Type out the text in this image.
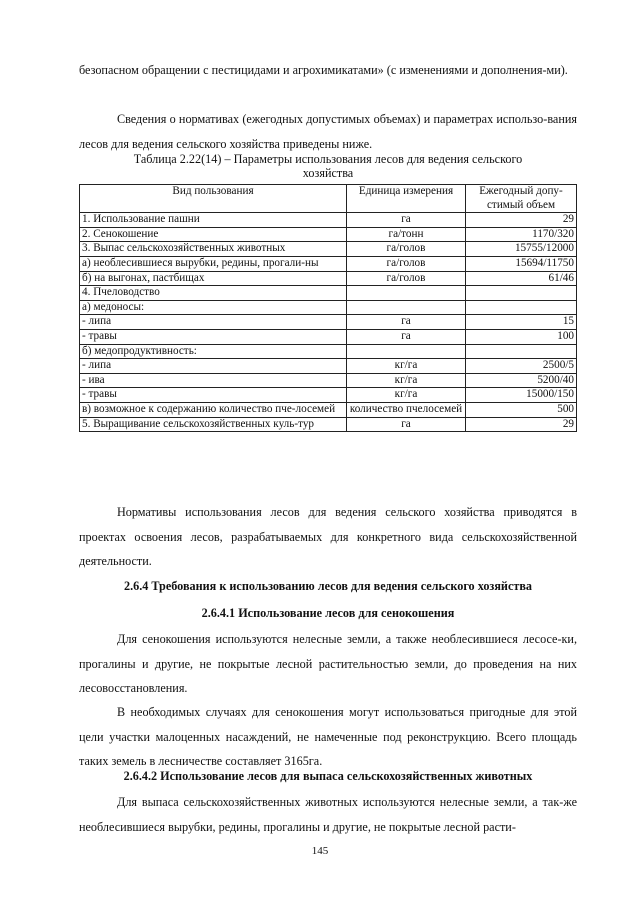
безопасном обращении с пестицидами и агрохимикатами» (с изменениями и дополнения-ми).

Сведения о нормативах (ежегодных допустимых объемах) и параметрах использо-вания лесов для ведения сельского хозяйства приведены ниже.

Таблица 2.22(14) – Параметры использования лесов для ведения сельского хозяйства

Вид пользования	Единица измерения	Ежегодный допу-стимый объем
1. Использование пашни	га	29
2. Сенокошение	га/тонн	1170/320
3. Выпас сельскохозяйственных животных	га/голов	15755/12000
а) необлесившиеся вырубки, редины, прогали-ны	га/голов	15694/11750
б) на выгонах, пастбищах	га/голов	61/46
4. Пчеловодство		
а) медоносы:		
- липа	га	15
- травы	га	100
б) медопродуктивность:		
- липа	кг/га	2500/5
- ива	кг/га	5200/40
- травы	кг/га	15000/150
в) возможное к содержанию количество пче-лосемей	количество пчелосемей	500
5. Выращивание сельскохозяйственных куль-тур	га	29

Нормативы использования лесов для ведения сельского хозяйства приводятся в проектах освоения лесов, разрабатываемых для конкретного вида сельскохозяйственной деятельности.

2.6.4 Требования к использованию лесов для ведения сельского хозяйства

2.6.4.1 Использование лесов для сенокошения

Для сенокошения используются нелесные земли, а также необлесившиеся лесосе-ки, прогалины и другие, не покрытые лесной растительностью земли, до проведения на них лесовосстановления.

В необходимых случаях для сенокошения могут использоваться пригодные для этой цели участки малоценных насаждений, не намеченные под реконструкцию. Всего площадь таких земель в лесничестве составляет 3165га.

2.6.4.2 Использование лесов для выпаса сельскохозяйственных животных

Для выпаса сельскохозяйственных животных используются нелесные земли, а так-же необлесившиеся вырубки, редины, прогалины и другие, не покрытые лесной расти-

145
